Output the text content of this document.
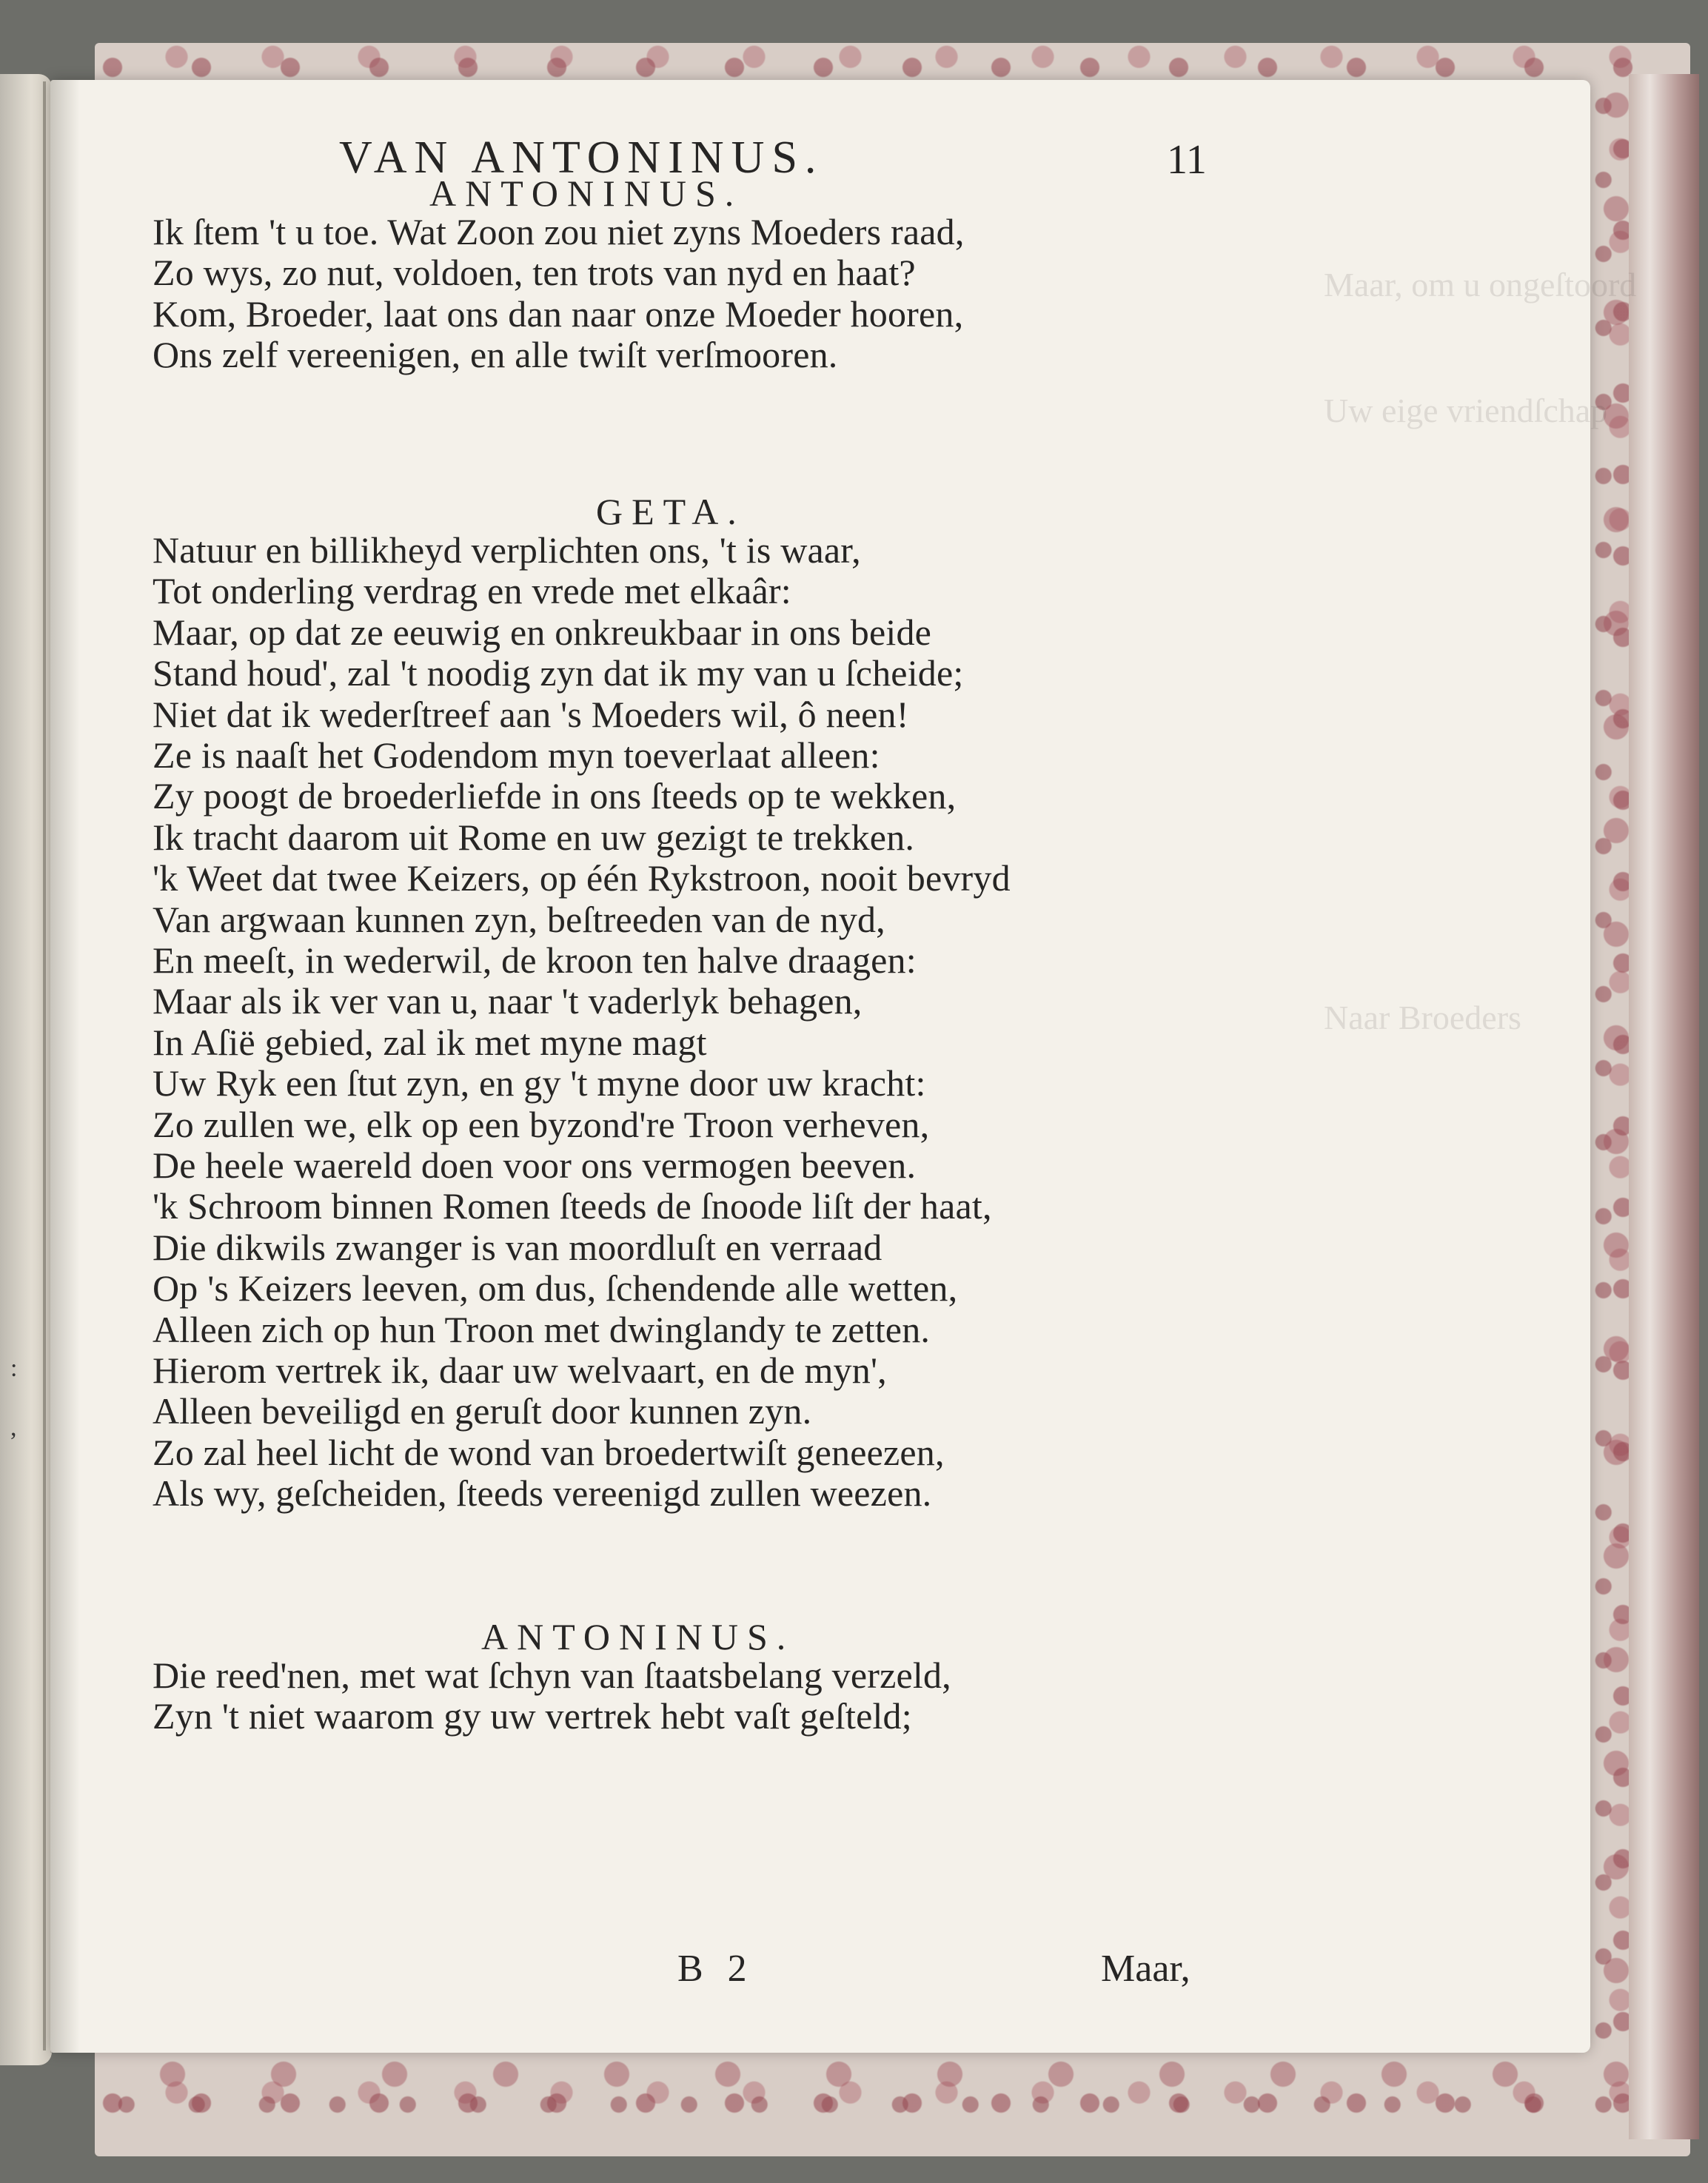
:
,
Maar, om u ongeſtoord
Uw eige vriendſchap
Naar Broeders
VAN ANTONINUS.	11
ANTONINUS.
Ik ſtem 't u toe. Wat Zoon zou niet zyns Moeders raad,
Zo wys, zo nut, voldoen, ten trots van nyd en haat?
Kom, Broeder, laat ons dan naar onze Moeder hooren,
Ons zelf vereenigen, en alle twiſt verſmooren.
GETA.
Natuur en billikheyd verplichten ons, 't is waar,
Tot onderling verdrag en vrede met elkaâr:
Maar, op dat ze eeuwig en onkreukbaar in ons beide
Stand houd', zal 't noodig zyn dat ik my van u ſcheide;
Niet dat ik wederſtreef aan 's Moeders wil, ô neen!
Ze is naaſt het Godendom myn toeverlaat alleen:
Zy poogt de broederliefde in ons ſteeds op te wekken,
Ik tracht daarom uit Rome en uw gezigt te trekken.
'k Weet dat twee Keizers, op één Rykstroon, nooit bevryd
Van argwaan kunnen zyn, beſtreeden van de nyd,
En meeſt, in wederwil, de kroon ten halve draagen:
Maar als ik ver van u, naar 't vaderlyk behagen,
In Aſië gebied, zal ik met myne magt
Uw Ryk een ſtut zyn, en gy 't myne door uw kracht:
Zo zullen we, elk op een byzond're Troon verheven,
De heele waereld doen voor ons vermogen beeven.
'k Schroom binnen Romen ſteeds de ſnoode liſt der haat,
Die dikwils zwanger is van moordluſt en verraad
Op 's Keizers leeven, om dus, ſchendende alle wetten,
Alleen zich op hun Troon met dwinglandy te zetten.
Hierom vertrek ik, daar uw welvaart, en de myn',
Alleen beveiligd en geruſt door kunnen zyn.
Zo zal heel licht de wond van broedertwiſt geneezen,
Als wy, geſcheiden, ſteeds vereenigd zullen weezen.
ANTONINUS.
Die reed'nen, met wat ſchyn van ſtaatsbelang verzeld,
Zyn 't niet waarom gy uw vertrek hebt vaſt geſteld;
B 2	Maar,
